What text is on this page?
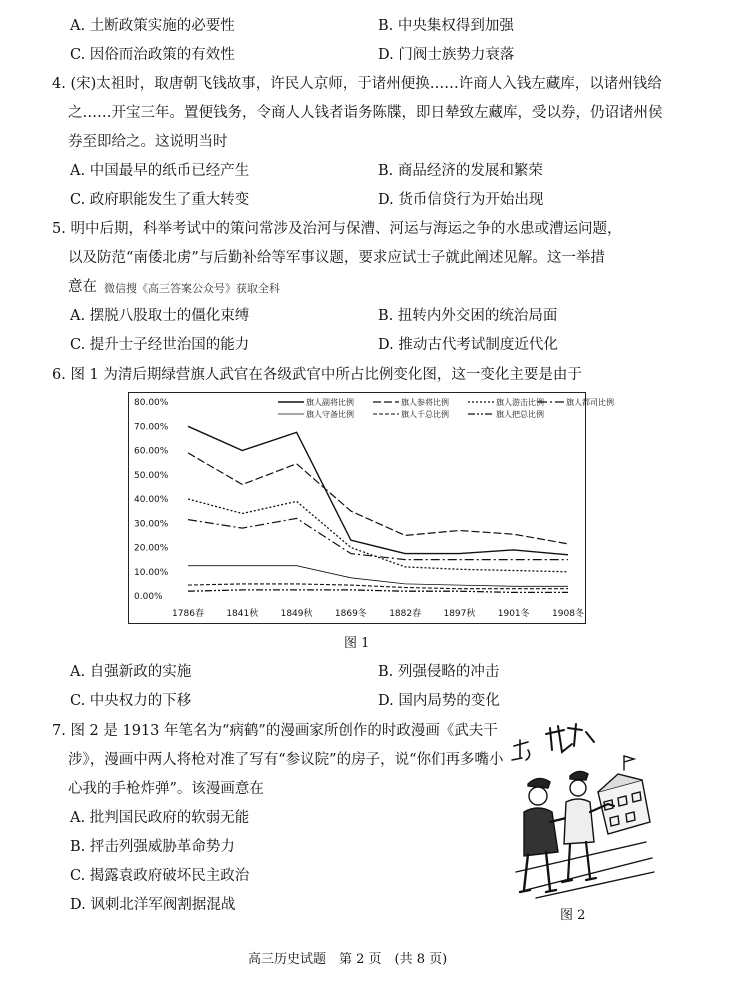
A. 土断政策实施的必要性	B. 中央集权得到加强
C. 因俗而治政策的有效性	D. 门阀士族势力衰落
4. (宋)太祖时，取唐朝飞钱故事，许民人京师，于诸州便换……许商人入钱左藏库，以诸州钱给
之……开宝三年。置便钱务，令商人人钱者诣务陈牒，即日辇致左藏库，受以券，仍诏诸州侯
券至即给之。这说明当时
A. 中国最早的纸币已经产生	B. 商品经济的发展和繁荣
C. 政府职能发生了重大转变	D. 货币信贷行为开始出现
5. 明中后期，科举考试中的策问常涉及治河与保漕、河运与海运之争的水患或漕运问题，
以及防范“南倭北虏”与后勤补给等军事议题，要求应试士子就此阐述见解。这一举措
意在 微信搜《高三答案公众号》获取全科
A. 摆脱八股取士的僵化束缚	B. 扭转内外交困的统治局面
C. 提升士子经世治国的能力	D. 推动古代考试制度近代化
6. 图 1 为清后期绿营旗人武官在各级武官中所占比例变化图，这一变化主要是由于
80.00%
70.00%
60.00%
50.00%
40.00%
30.00%
20.00%
10.00%
0.00%
1786春 1841秋 1849秋 1869冬 1882春 1897秋 1901冬 1908冬
旗人副将比例	旗人参将比例	旗人游击比例	旗人都司比例
旗人守备比例	旗人千总比例	旗人把总比例
图 1
A. 自强新政的实施	B. 列强侵略的冲击
C. 中央权力的下移	D. 国内局势的变化
7. 图 2 是 1913 年笔名为“病鹤”的漫画家所创作的时政漫画《武夫干
涉》，漫画中两人将枪对准了写有“参议院”的房子，说“你们再多嘴小
心我的手枪炸弹”。该漫画意在
A. 批判国民政府的软弱无能
B. 抨击列强威胁革命势力
C. 揭露袁政府破坏民主政治
D. 讽刺北洋军阀割据混战
图 2
高三历史试题　第 2 页　(共 8 页)
